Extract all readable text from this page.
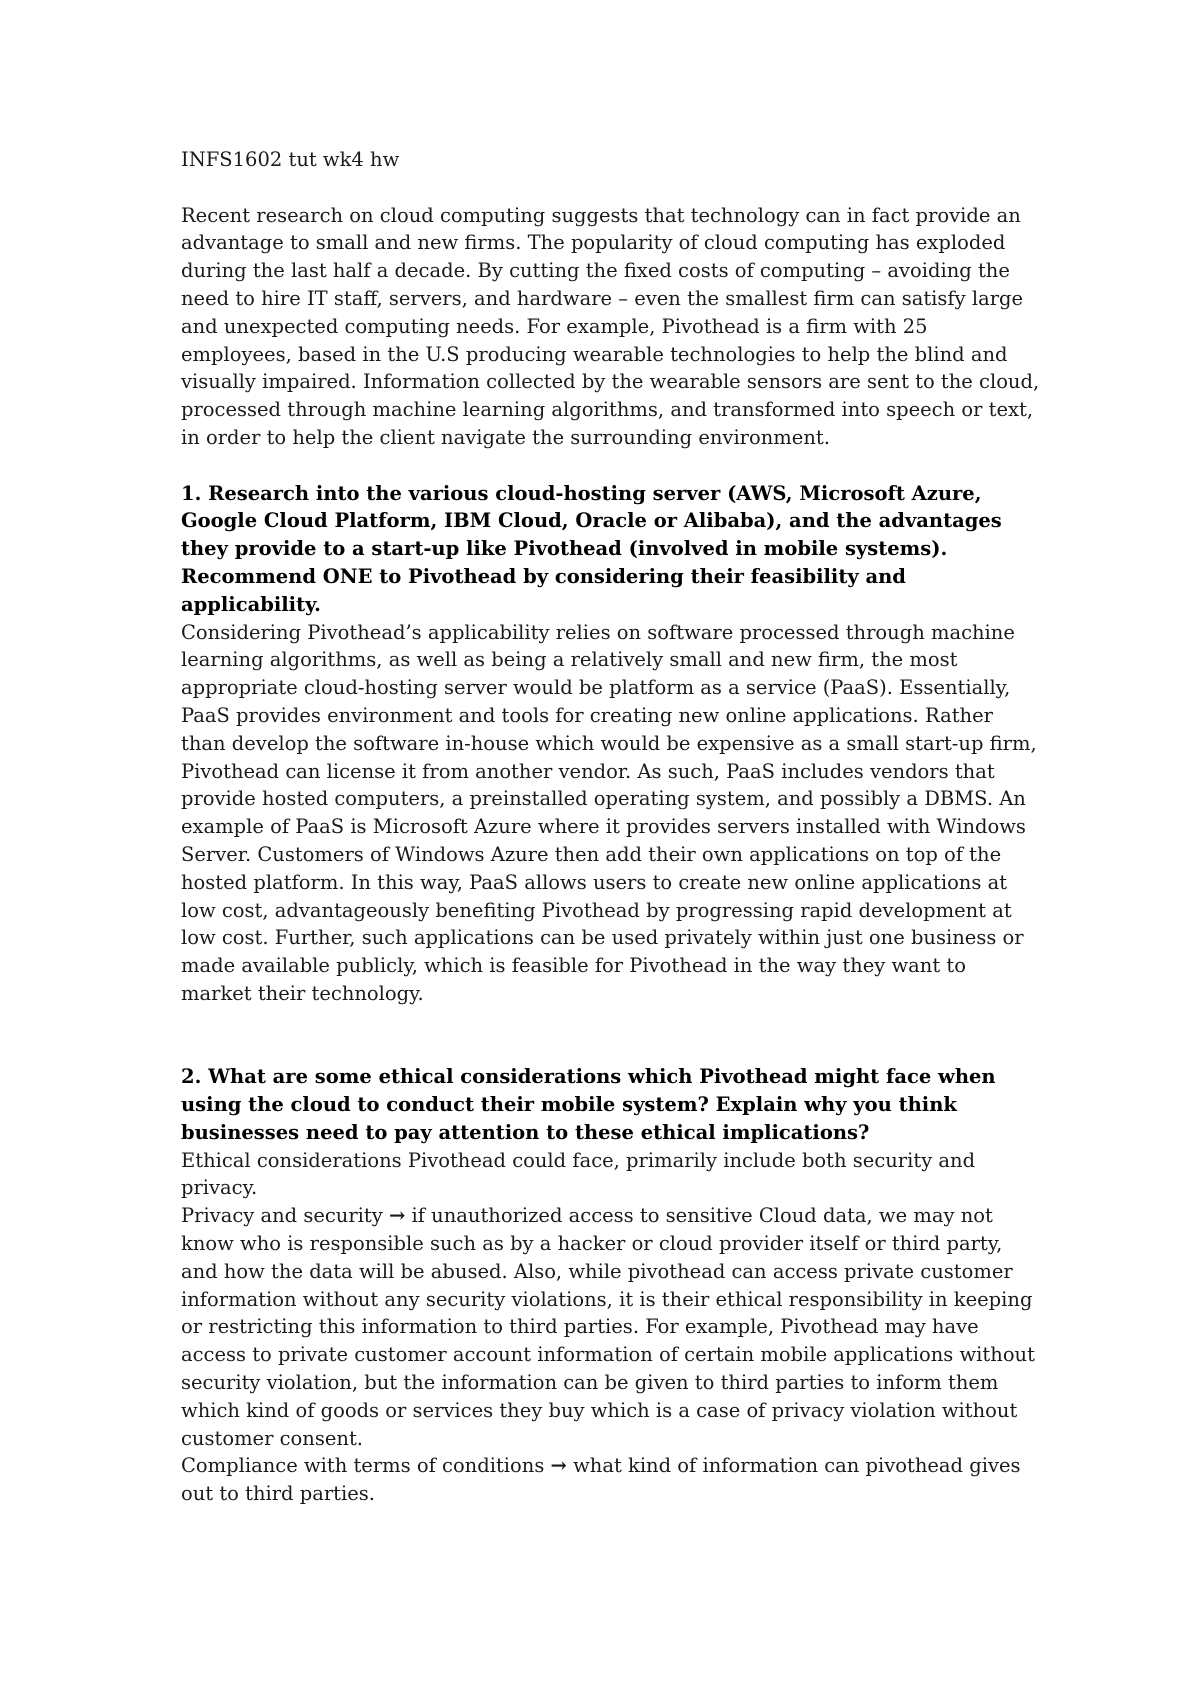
INFS1602 tut wk4 hw

Recent research on cloud computing suggests that technology can in fact provide an advantage to small and new firms. The popularity of cloud computing has exploded during the last half a decade. By cutting the fixed costs of computing – avoiding the need to hire IT staff, servers, and hardware – even the smallest firm can satisfy large and unexpected computing needs. For example, Pivothead is a firm with 25 employees, based in the U.S producing wearable technologies to help the blind and visually impaired. Information collected by the wearable sensors are sent to the cloud, processed through machine learning algorithms, and transformed into speech or text, in order to help the client navigate the surrounding environment.

1. Research into the various cloud-hosting server (AWS, Microsoft Azure, Google Cloud Platform, IBM Cloud, Oracle or Alibaba), and the advantages they provide to a start-up like Pivothead (involved in mobile systems). Recommend ONE to Pivothead by considering their feasibility and applicability.

Considering Pivothead’s applicability relies on software processed through machine learning algorithms, as well as being a relatively small and new firm, the most appropriate cloud-hosting server would be platform as a service (PaaS). Essentially, PaaS provides environment and tools for creating new online applications. Rather than develop the software in-house which would be expensive as a small start-up firm, Pivothead can license it from another vendor. As such, PaaS includes vendors that provide hosted computers, a preinstalled operating system, and possibly a DBMS. An example of PaaS is Microsoft Azure where it provides servers installed with Windows Server. Customers of Windows Azure then add their own applications on top of the hosted platform. In this way, PaaS allows users to create new online applications at low cost, advantageously benefiting Pivothead by progressing rapid development at low cost. Further, such applications can be used privately within just one business or made available publicly, which is feasible for Pivothead in the way they want to market their technology.

2. What are some ethical considerations which Pivothead might face when using the cloud to conduct their mobile system? Explain why you think businesses need to pay attention to these ethical implications?

Ethical considerations Pivothead could face, primarily include both security and privacy.

Privacy and security → if unauthorized access to sensitive Cloud data, we may not know who is responsible such as by a hacker or cloud provider itself or third party, and how the data will be abused. Also, while pivothead can access private customer information without any security violations, it is their ethical responsibility in keeping or restricting this information to third parties. For example, Pivothead may have access to private customer account information of certain mobile applications without security violation, but the information can be given to third parties to inform them which kind of goods or services they buy which is a case of privacy violation without customer consent.

Compliance with terms of conditions → what kind of information can pivothead gives out to third parties.
